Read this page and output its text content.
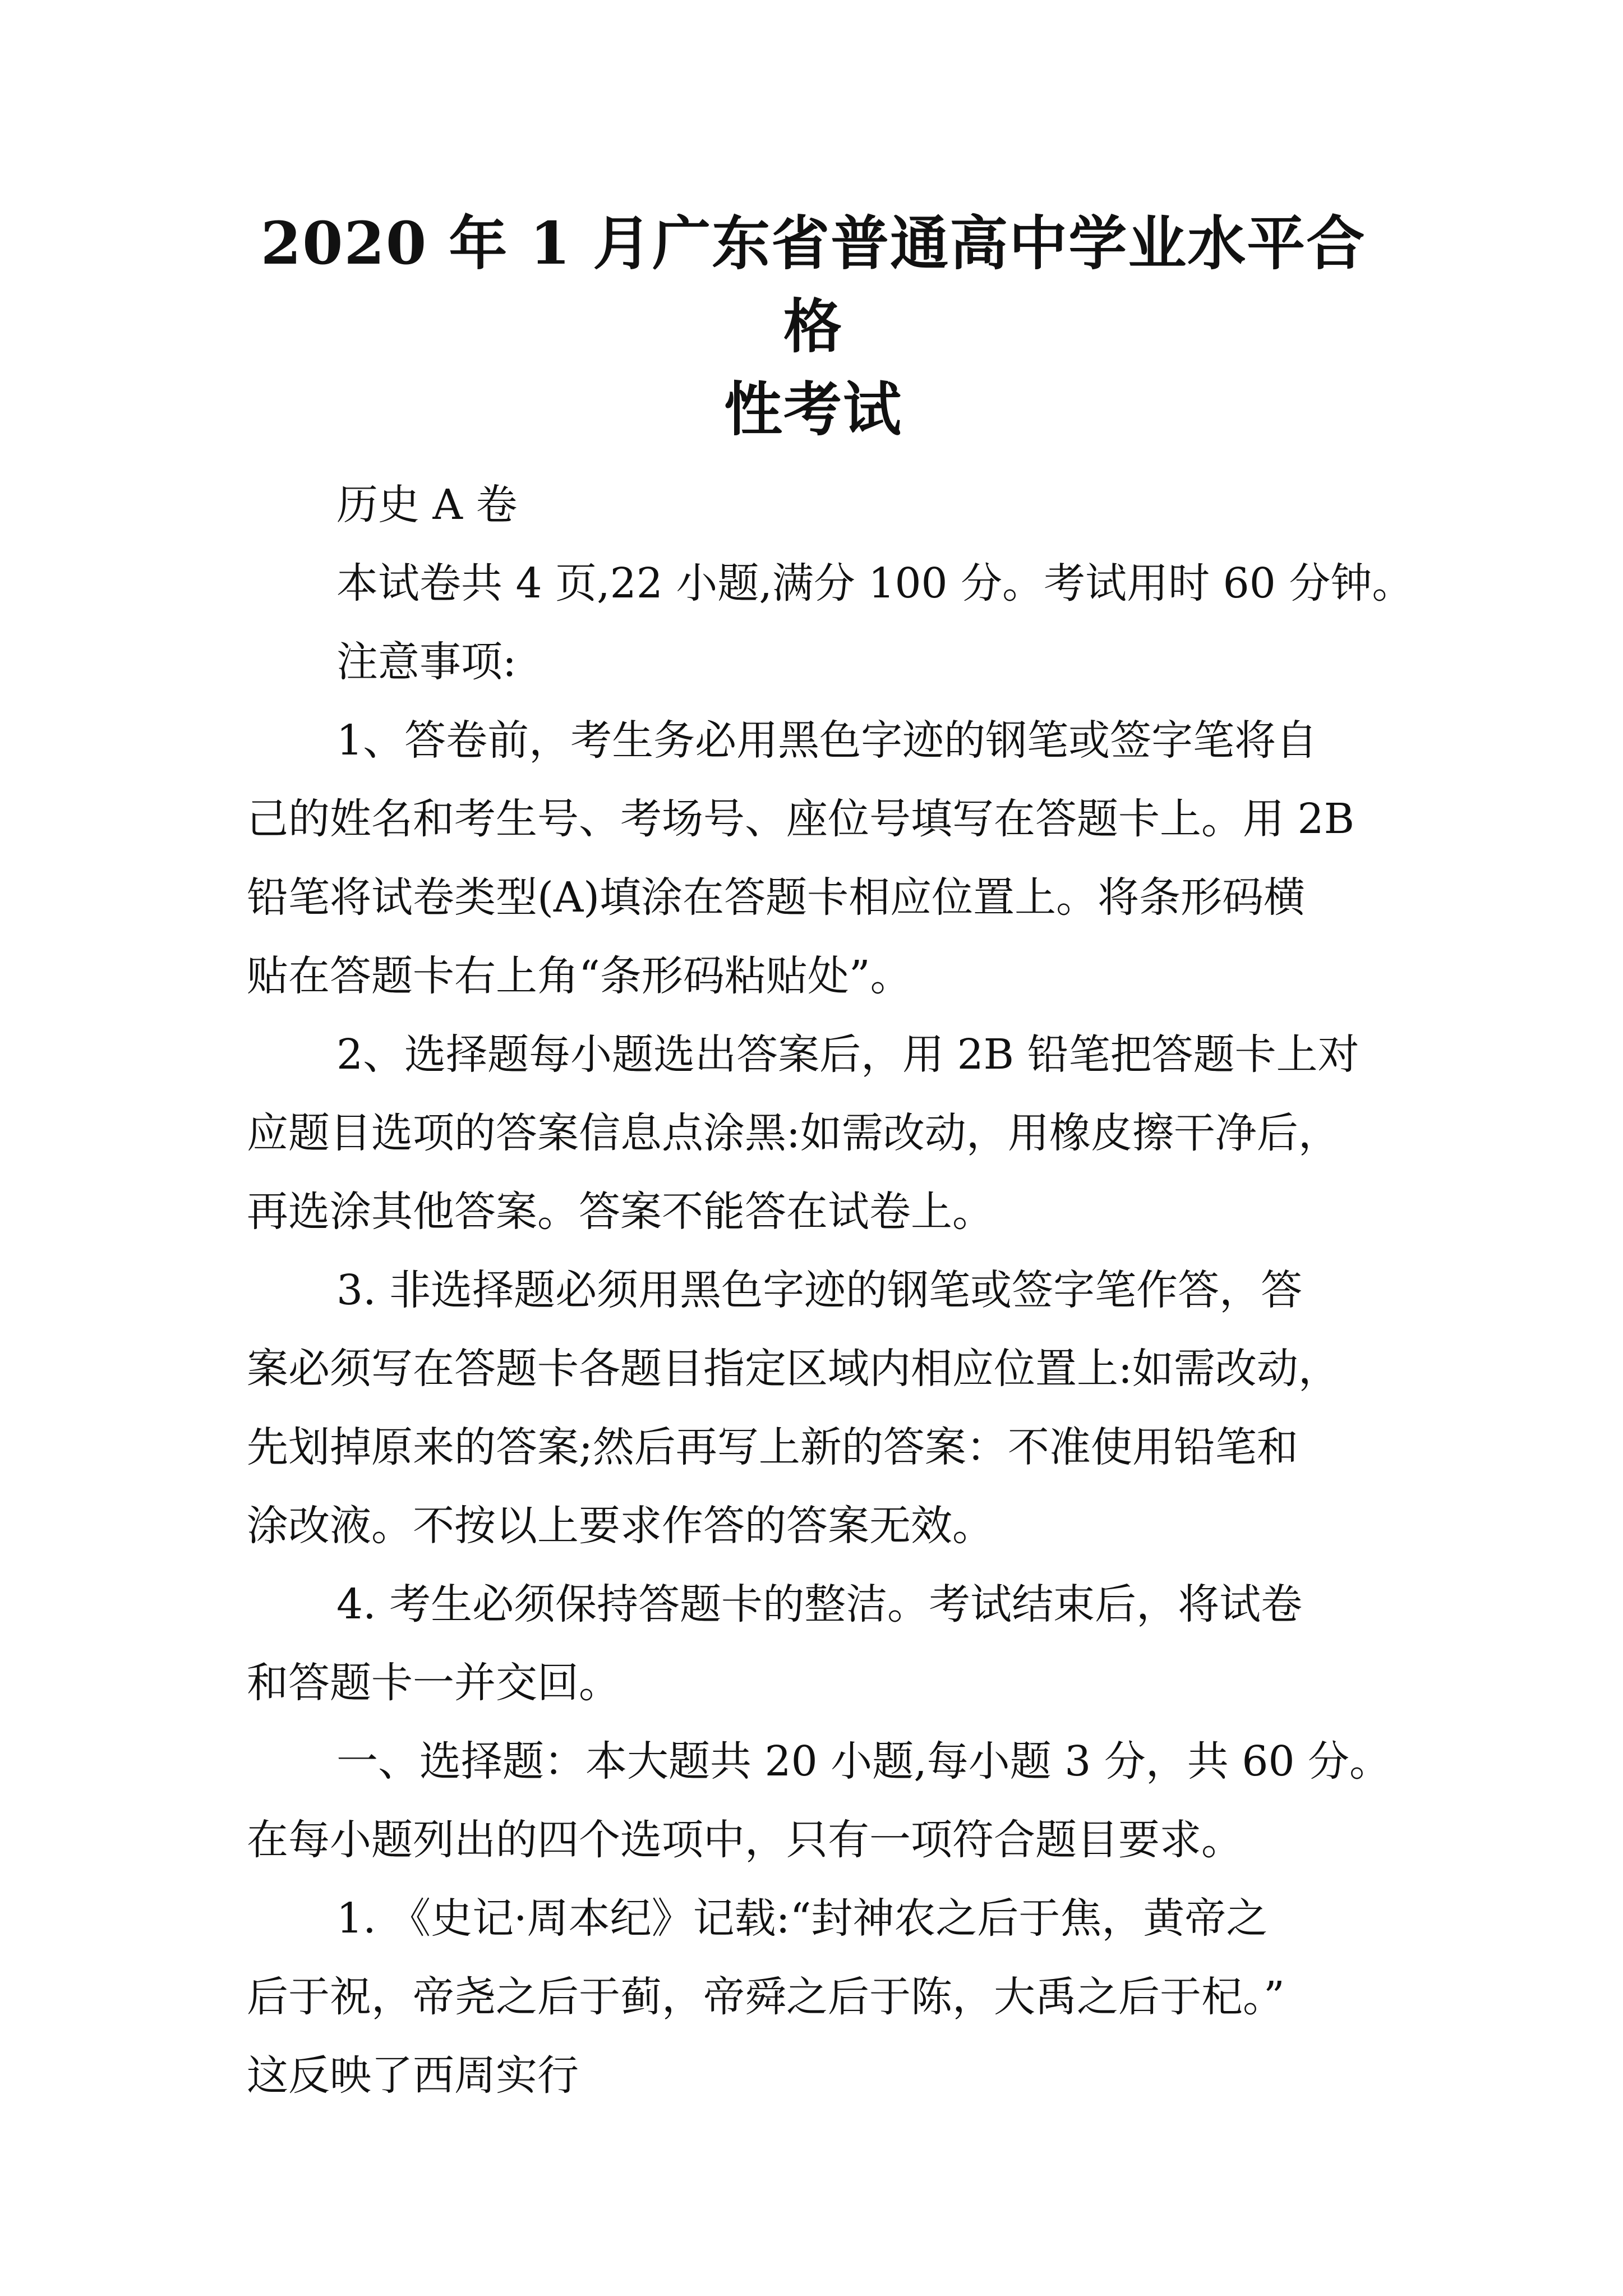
2020 年 1 月广东省普通高中学业水平合格
性考试
历史 A 卷
本试卷共 4 页,22 小题,满分 100 分。考试用时 60 分钟。
注意事项:
1、答卷前，考生务必用黑色字迹的钢笔或签字笔将自
己的姓名和考生号、考场号、座位号填写在答题卡上。用 2B
铅笔将试卷类型(A)填涂在答题卡相应位置上。将条形码横
贴在答题卡右上角“条形码粘贴处”。
2、选择题每小题选出答案后，用 2B 铅笔把答题卡上对
应题目选项的答案信息点涂黑:如需改动，用橡皮擦干净后，
再选涂其他答案。答案不能答在试卷上。
3. 非选择题必须用黑色字迹的钢笔或签字笔作答，答
案必须写在答题卡各题目指定区域内相应位置上:如需改动，
先划掉原来的答案;然后再写上新的答案：不准使用铅笔和
涂改液。不按以上要求作答的答案无效。
4. 考生必须保持答题卡的整洁。考试结束后，将试卷
和答题卡一并交回。
一、选择题：本大题共 20 小题,每小题 3 分，共 60 分。
在每小题列出的四个选项中，只有一项符合题目要求。
1. 《史记·周本纪》记载:“封神农之后于焦，黄帝之
后于祝，帝尧之后于蓟，帝舜之后于陈，大禹之后于杞。”
这反映了西周实行
